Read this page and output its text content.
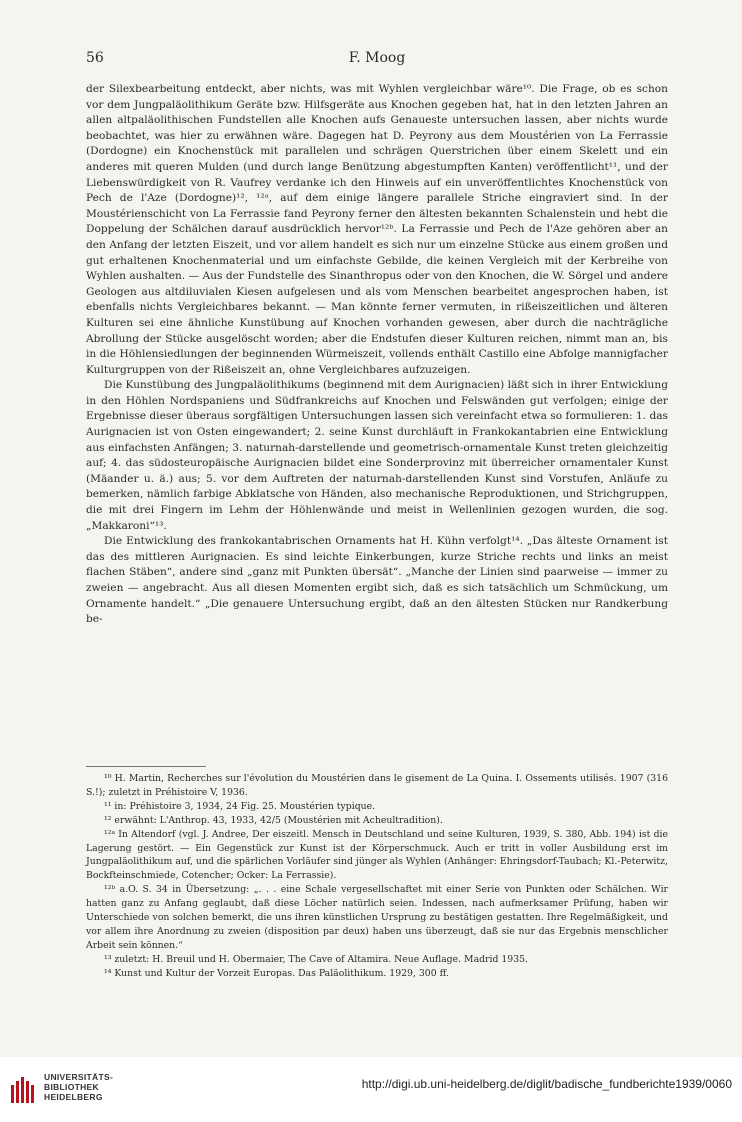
56	F. Moog

der Silexbearbeitung entdeckt, aber nichts, was mit Wyhlen vergleichbar wäre¹⁰. Die Frage, ob es schon vor dem Jungpaläolithikum Geräte bzw. Hilfsgeräte aus Knochen gegeben hat, hat in den letzten Jahren an allen altpaläolithischen Fundstellen alle Knochen aufs Genaueste untersuchen lassen, aber nichts wurde beobachtet, was hier zu erwähnen wäre. Dagegen hat D. Peyrony aus dem Moustérien von La Ferrassie (Dordogne) ein Knochenstück mit parallelen und schrägen Querstrichen über einem Skelett und ein anderes mit queren Mulden (und durch lange Benützung abgestumpften Kanten) veröffentlicht¹¹, und der Liebenswürdigkeit von R. Vaufrey verdanke ich den Hinweis auf ein unveröffentlichtes Knochenstück von Pech de l'Aze (Dordogne)¹², ¹²ᵃ, auf dem einige längere parallele Striche eingraviert sind. In der Moustérienschicht von La Ferrassie fand Peyrony ferner den ältesten bekannten Schalenstein und hebt die Doppelung der Schälchen darauf ausdrücklich hervor¹²ᵇ. La Ferrassie und Pech de l'Aze gehören aber an den Anfang der letzten Eiszeit, und vor allem handelt es sich nur um einzelne Stücke aus einem großen und gut erhaltenen Knochenmaterial und um einfachste Gebilde, die keinen Vergleich mit der Kerbreihe von Wyhlen aushalten. — Aus der Fundstelle des Sinanthropus oder von den Knochen, die W. Sörgel und andere Geologen aus altdiluvialen Kiesen aufgelesen und als vom Menschen bearbeitet angesprochen haben, ist ebenfalls nichts Vergleichbares bekannt. — Man könnte ferner vermuten, in rißeiszeitlichen und älteren Kulturen sei eine ähnliche Kunstübung auf Knochen vorhanden gewesen, aber durch die nachträgliche Abrollung der Stücke ausgelöscht worden; aber die Endstufen dieser Kulturen reichen, nimmt man an, bis in die Höhlensiedlungen der beginnenden Würmeiszeit, vollends enthält Castillo eine Abfolge mannigfacher Kulturgruppen von der Rißeiszeit an, ohne Vergleichbares aufzuzeigen.

Die Kunstübung des Jungpaläolithikums (beginnend mit dem Aurignacien) läßt sich in ihrer Entwicklung in den Höhlen Nordspaniens und Südfrankreichs auf Knochen und Felswänden gut verfolgen; einige der Ergebnisse dieser überaus sorgfältigen Untersuchungen lassen sich vereinfacht etwa so formulieren: 1. das Aurignacien ist von Osten eingewandert; 2. seine Kunst durchläuft in Frankokantabrien eine Entwicklung aus einfachsten Anfängen; 3. naturnah-darstellende und geometrisch-ornamentale Kunst treten gleichzeitig auf; 4. das südosteuropäische Aurignacien bildet eine Sonderprovinz mit überreicher ornamentaler Kunst (Mäander u. ä.) aus; 5. vor dem Auftreten der naturnah-darstellenden Kunst sind Vorstufen, Anläufe zu bemerken, nämlich farbige Abklatsche von Händen, also mechanische Reproduktionen, und Strichgruppen, die mit drei Fingern im Lehm der Höhlenwände und meist in Wellenlinien gezogen wurden, die sog. „Makkaroni“¹³.

Die Entwicklung des frankokantabrischen Ornaments hat H. Kühn verfolgt¹⁴. „Das älteste Ornament ist das des mittleren Aurignacien. Es sind leichte Einkerbungen, kurze Striche rechts und links an meist flachen Stäben“, andere sind „ganz mit Punkten übersät“. „Manche der Linien sind paarweise — immer zu zweien — angebracht. Aus all diesen Momenten ergibt sich, daß es sich tatsächlich um Schmückung, um Ornamente handelt.“ „Die genauere Untersuchung ergibt, daß an den ältesten Stücken nur Randkerbung be-

¹⁰ H. Martin, Recherches sur l'évolution du Moustérien dans le gisement de La Quina. I. Ossements utilisés. 1907 (316 S.!); zuletzt in Préhistoire V, 1936.

¹¹ in: Préhistoire 3, 1934, 24 Fig. 25. Moustérien typique.

¹² erwähnt: L'Anthrop. 43, 1933, 42/5 (Moustérien mit Acheultradition).

¹²ᵃ In Altendorf (vgl. J. Andree, Der eiszeitl. Mensch in Deutschland und seine Kulturen, 1939, S. 380, Abb. 194) ist die Lagerung gestört. — Ein Gegenstück zur Kunst ist der Körperschmuck. Auch er tritt in voller Ausbildung erst im Jungpaläolithikum auf, und die spärlichen Vorläufer sind jünger als Wyhlen (Anhänger: Ehringsdorf-Taubach; Kl.-Peterwitz, Bockfteinschmiede, Cotencher; Ocker: La Ferrassie).

¹²ᵇ a.O. S. 34 in Übersetzung: „. . . eine Schale vergesellschaftet mit einer Serie von Punkten oder Schälchen. Wir hatten ganz zu Anfang geglaubt, daß diese Löcher natürlich seien. Indessen, nach aufmerksamer Prüfung, haben wir Unterschiede von solchen bemerkt, die uns ihren künstlichen Ursprung zu bestätigen gestatten. Ihre Regelmäßigkeit, und vor allem ihre Anordnung zu zweien (disposition par deux) haben uns überzeugt, daß sie nur das Ergebnis menschlicher Arbeit sein können.“

¹³ zuletzt: H. Breuil und H. Obermaier, The Cave of Altamira. Neue Auflage. Madrid 1935.

¹⁴ Kunst und Kultur der Vorzeit Europas. Das Paläolithikum. 1929, 300 ff.

UNIVERSITÄTS-
BIBLIOTHEK
HEIDELBERG
http://digi.ub.uni-heidelberg.de/diglit/badische_fundberichte1939/0060
